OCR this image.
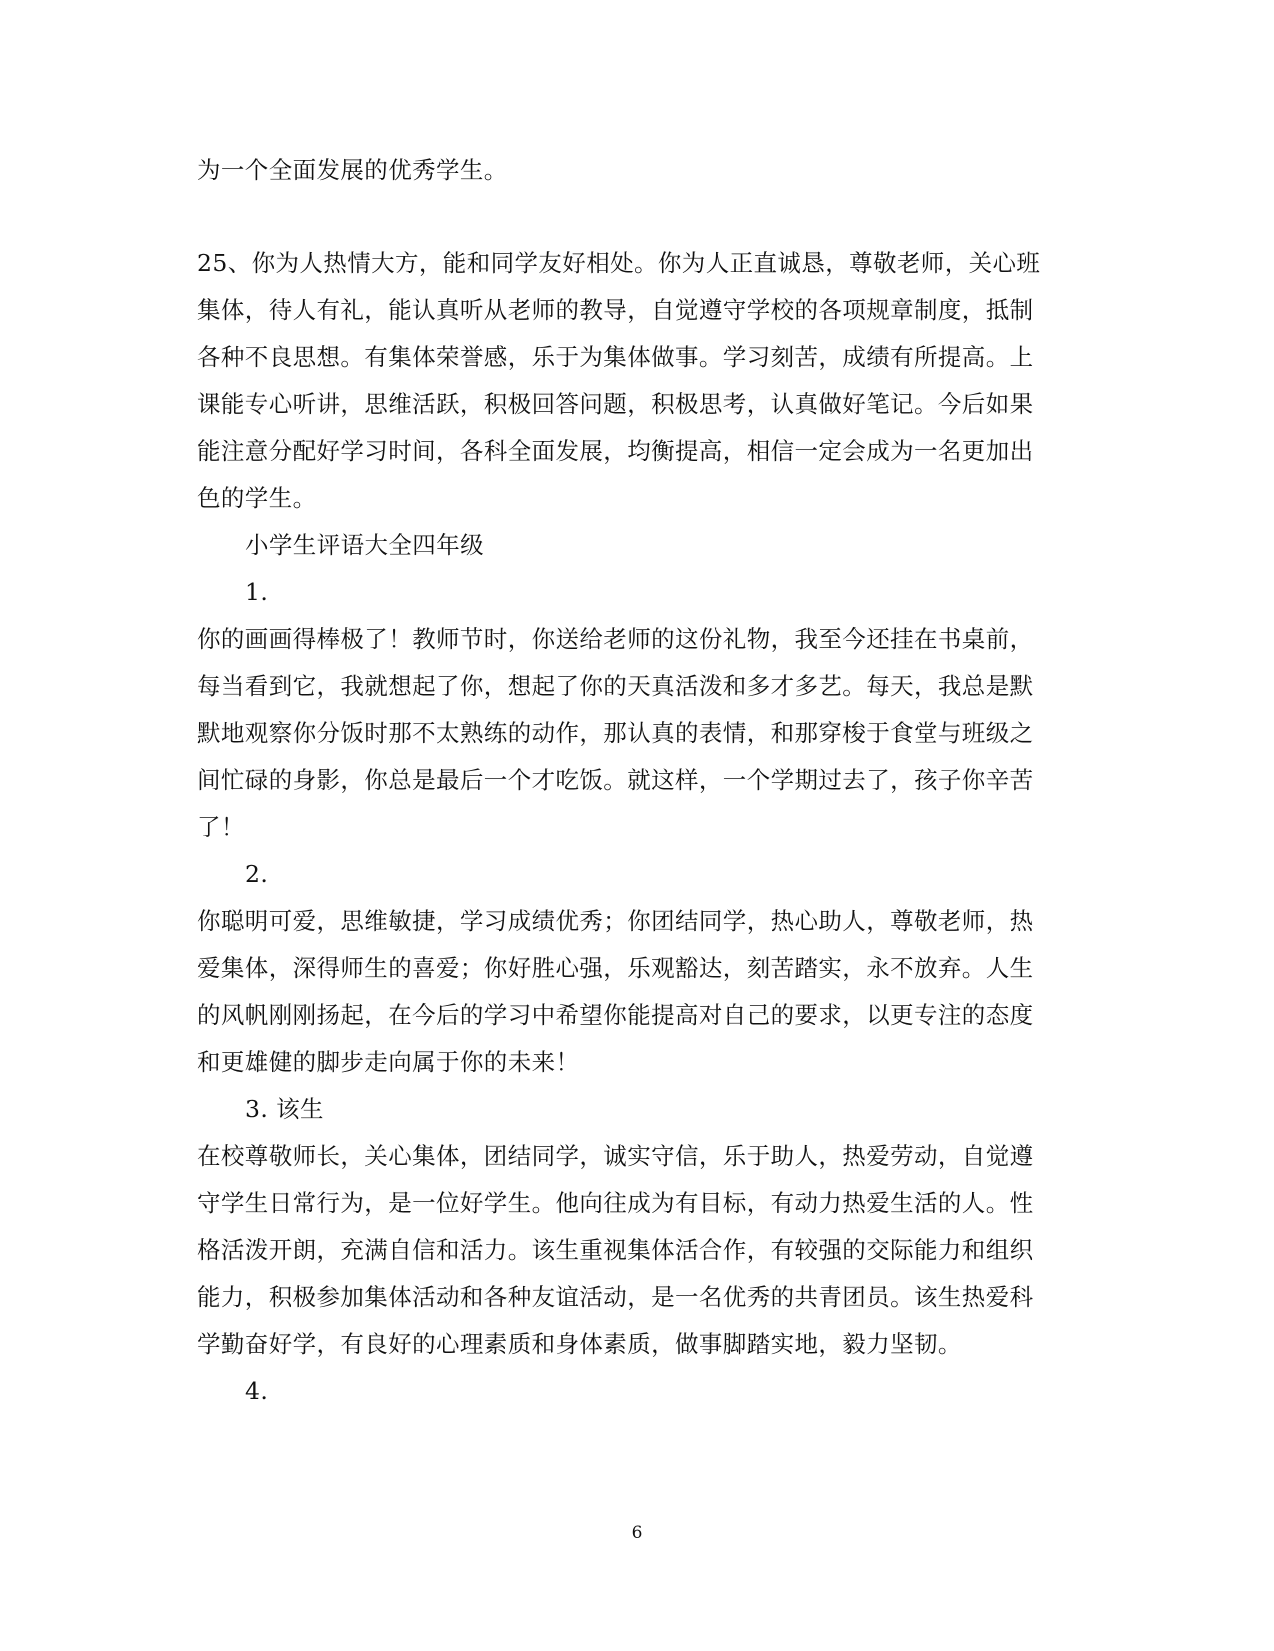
为一个全面发展的优秀学生。
25、你为人热情大方，能和同学友好相处。你为人正直诚恳，尊敬老师，关心班
集体，待人有礼，能认真听从老师的教导，自觉遵守学校的各项规章制度，抵制
各种不良思想。有集体荣誉感，乐于为集体做事。学习刻苦，成绩有所提高。上
课能专心听讲，思维活跃，积极回答问题，积极思考，认真做好笔记。今后如果
能注意分配好学习时间，各科全面发展，均衡提高，相信一定会成为一名更加出
色的学生。
小学生评语大全四年级
1.
你的画画得棒极了！教师节时，你送给老师的这份礼物，我至今还挂在书桌前，
每当看到它，我就想起了你，想起了你的天真活泼和多才多艺。每天，我总是默
默地观察你分饭时那不太熟练的动作，那认真的表情，和那穿梭于食堂与班级之
间忙碌的身影，你总是最后一个才吃饭。就这样，一个学期过去了，孩子你辛苦
了！
2.
你聪明可爱，思维敏捷，学习成绩优秀；你团结同学，热心助人，尊敬老师，热
爱集体，深得师生的喜爱；你好胜心强，乐观豁达，刻苦踏实，永不放弃。人生
的风帆刚刚扬起，在今后的学习中希望你能提高对自己的要求，以更专注的态度
和更雄健的脚步走向属于你的未来！
3. 该生
在校尊敬师长，关心集体，团结同学，诚实守信，乐于助人，热爱劳动，自觉遵
守学生日常行为，是一位好学生。他向往成为有目标，有动力热爱生活的人。性
格活泼开朗，充满自信和活力。该生重视集体活合作，有较强的交际能力和组织
能力，积极参加集体活动和各种友谊活动，是一名优秀的共青团员。该生热爱科
学勤奋好学，有良好的心理素质和身体素质，做事脚踏实地，毅力坚韧。
4.
6
